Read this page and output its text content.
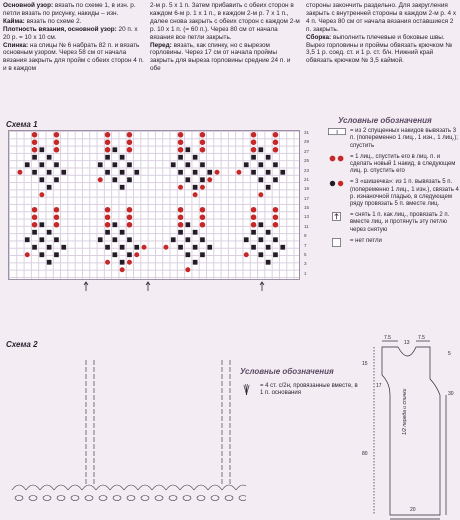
Основной узор: вязать по схеме 1, в изн. р. петли вязать по рисунку, накиды – изн.

Кайма: вязать по схеме 2.

Плотность вязания, основной узор: 20 п. х 20 р. = 10 х 10 см.

Спинка: на спицы № 6 набрать 82 п. и вязать основным узором. Через 58 см от начала вязания закрыть для пройм с обеих сторон 4 п. и в каждом

2-м р. 5 х 1 п. Затем прибавить с обеих сторон в каждом 6-м р. 1 х 1 п., в каждом 2-м р. 7 х 1 п., далее снова закрыть с обеих сторон с каждом 2-м р. 10 х 1 п. (= 60 п.). Через 80 см от начала вязания все петли закрыть.

Перед: вязать, как спинку, но с вырезом горловины. Через 17 см от начала проймы закрыть для выреза горловины средние 24 п. и обе

стороны закончить раздельно. Для закругления закрыть с внутренней стороны в каждом 2-м р. 4 х 4 п. Через 80 см от начала вязания оставшиеся 2 п. закрыть.

Сборка: выполнить плечевые и боковые швы. Вырез горловины и проймы обвязать крючком № 3,5 1 р. соед. ст. и 1 р. ст. б/н. Нижний край обвязать крючком № 3,5 каймой.

Схема 1
31
29
27
25
23
21
19
17
15
13
11
9
7
5
3
1
Условные обозначения
3 = из 2 спущенных накидов вывязать 3 п. (попеременно 1 лиц., 1 изн., 1 лиц.); спустить
= 1 лиц., спустить его в лиц. п. и сделать новый 1 накид, в следующем лиц. р. спустить его
= 3 «шишечка»: из 1 п. вывязать 5 п. (попеременно 1 лиц., 1 изн.), связать 4 р. изнаночной гладью, в следующем ряду провязать 5 п. вместе лиц.
= снять 1 п. как лиц., провязать 2 п. вместе лиц. и протянуть эту петлю через снятую
= нет петли
Схема 2
Условные обозначения
= 4 ст. с/2н, провязанные вместе, в 1 п. основания
13
15
7.5	7.5
20
30
1/2 переда и спинки
17
80
5
